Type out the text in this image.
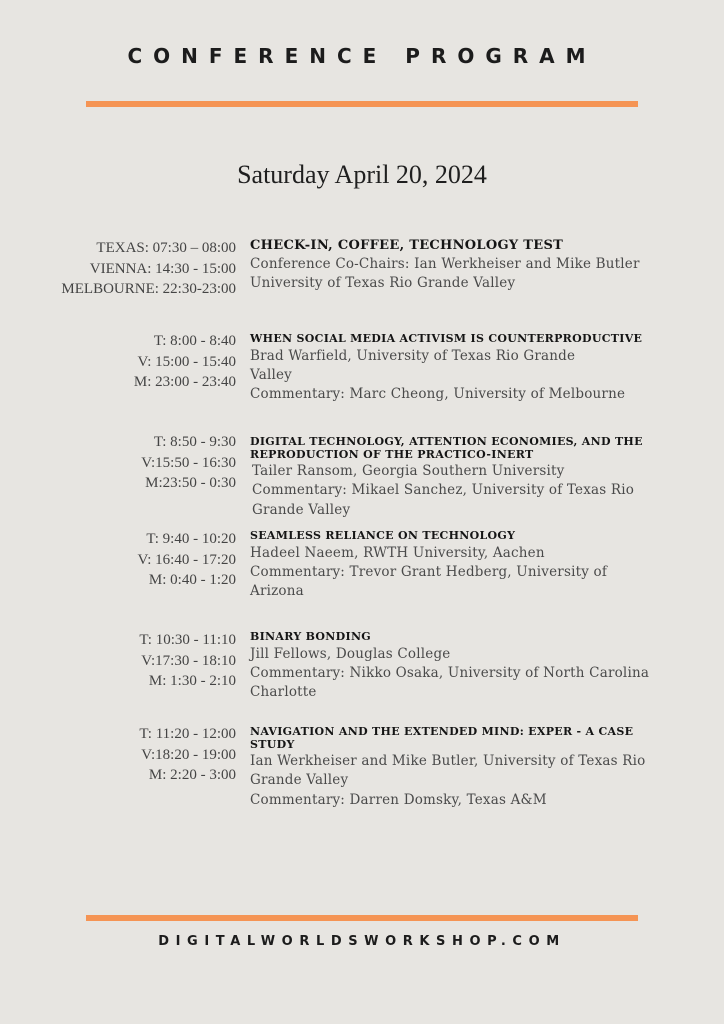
CONFERENCE PROGRAM
Saturday April 20, 2024
TEXAS: 07:30 – 08:00
VIENNA: 14:30 - 15:00
MELBOURNE: 22:30-23:00
CHECK-IN, COFFEE, TECHNOLOGY TEST
Conference Co-Chairs: Ian Werkheiser and Mike Butler
University of Texas Rio Grande Valley
T: 8:00 - 8:40
V: 15:00 - 15:40
M: 23:00 - 23:40
WHEN SOCIAL MEDIA ACTIVISM IS COUNTERPRODUCTIVE
Brad Warfield, University of Texas Rio Grande
Valley
Commentary: Marc Cheong, University of Melbourne
T: 8:50 - 9:30
V:15:50 - 16:30
M:23:50 - 0:30
DIGITAL TECHNOLOGY, ATTENTION ECONOMIES, AND THE
REPRODUCTION OF THE PRACTICO-INERT
Tailer Ransom, Georgia Southern University
Commentary: Mikael Sanchez, University of Texas Rio
Grande Valley
T: 9:40 - 10:20
V: 16:40 - 17:20
M: 0:40 - 1:20
SEAMLESS RELIANCE ON TECHNOLOGY
Hadeel Naeem, RWTH University, Aachen
Commentary: Trevor Grant Hedberg, University of
Arizona
T: 10:30 - 11:10
V:17:30 - 18:10
M: 1:30 - 2:10
BINARY BONDING
Jill Fellows, Douglas College
Commentary: Nikko Osaka, University of North Carolina
Charlotte
T: 11:20 - 12:00
V:18:20 - 19:00
M: 2:20 - 3:00
NAVIGATION AND THE EXTENDED MIND: EXPER - A CASE
STUDY
Ian Werkheiser and Mike Butler, University of Texas Rio
Grande Valley
Commentary: Darren Domsky, Texas A&M
DIGITALWORLDSWORKSHOP.COM
